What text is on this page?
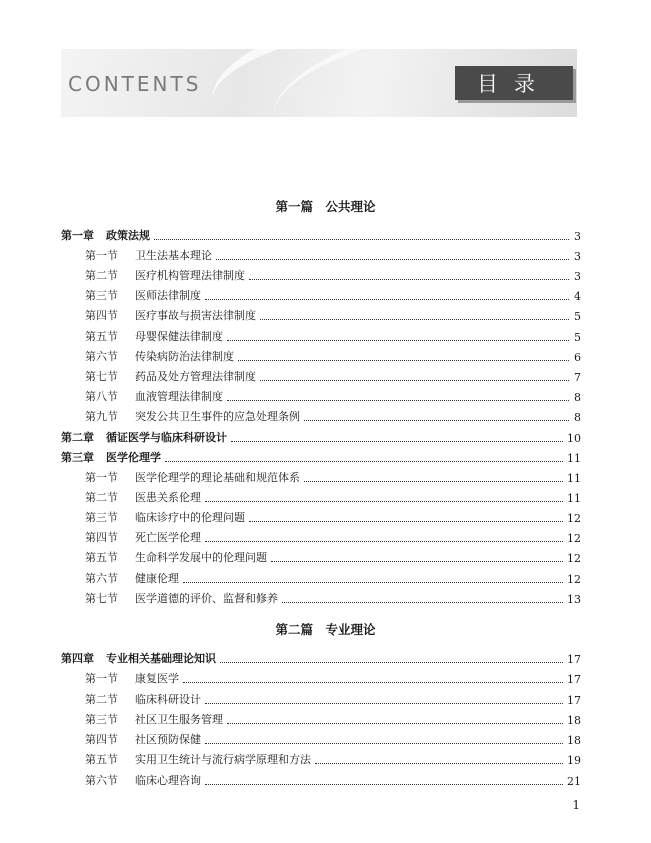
CONTENTS	目录
第一篇　公共理论
第二篇　专业理论
第一章 政策法规	3
第一节 卫生法基本理论	3
第二节 医疗机构管理法律制度	3
第三节 医师法律制度	4
第四节 医疗事故与损害法律制度	5
第五节 母婴保健法律制度	5
第六节 传染病防治法律制度	6
第七节 药品及处方管理法律制度	7
第八节 血液管理法律制度	8
第九节 突发公共卫生事件的应急处理条例	8
第二章 循证医学与临床科研设计	10
第三章 医学伦理学	11
第一节 医学伦理学的理论基础和规范体系	11
第二节 医患关系伦理	11
第三节 临床诊疗中的伦理问题	12
第四节 死亡医学伦理	12
第五节 生命科学发展中的伦理问题	12
第六节 健康伦理	12
第七节 医学道德的评价、监督和修养	13
第四章 专业相关基础理论知识	17
第一节 康复医学	17
第二节 临床科研设计	17
第三节 社区卫生服务管理	18
第四节 社区预防保健	18
第五节 实用卫生统计与流行病学原理和方法	19
第六节 临床心理咨询	21
1
